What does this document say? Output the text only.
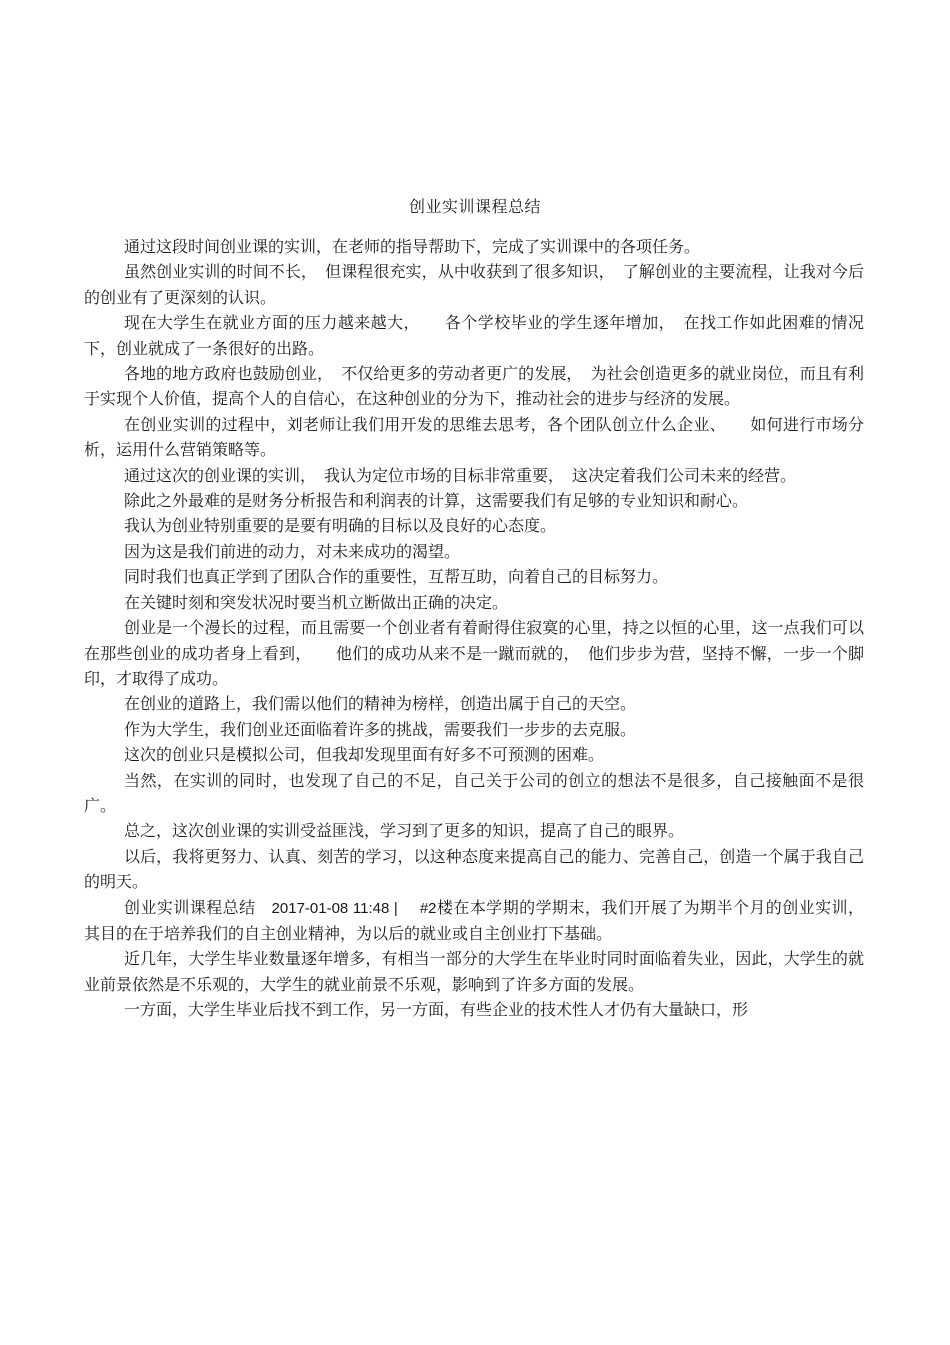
创业实训课程总结

通过这段时间创业课的实训，在老师的指导帮助下，完成了实训课中的各项任务。

虽然创业实训的时间不长，　但课程很充实，从中收获到了很多知识，　了解创业的主要流程，让我对今后的创业有了更深刻的认识。

现在大学生在就业方面的压力越来越大，　　各个学校毕业的学生逐年增加，　在找工作如此困难的情况下，创业就成了一条很好的出路。

各地的地方政府也鼓励创业，　不仅给更多的劳动者更广的发展，　为社会创造更多的就业岗位，而且有利于实现个人价值，提高个人的自信心，在这种创业的分为下，推动社会的进步与经济的发展。

在创业实训的过程中，刘老师让我们用开发的思维去思考，各个团队创立什么企业、　　如何进行市场分析，运用什么营销策略等。

通过这次的创业课的实训，　我认为定位市场的目标非常重要，　这决定着我们公司未来的经营。

除此之外最难的是财务分析报告和利润表的计算，这需要我们有足够的专业知识和耐心。

我认为创业特别重要的是要有明确的目标以及良好的心态度。

因为这是我们前进的动力，对未来成功的渴望。

同时我们也真正学到了团队合作的重要性，互帮互助，向着自己的目标努力。

在关键时刻和突发状况时要当机立断做出正确的决定。

创业是一个漫长的过程，而且需要一个创业者有着耐得住寂寞的心里，持之以恒的心里，这一点我们可以在那些创业的成功者身上看到，　　他们的成功从来不是一蹴而就的，　他们步步为营，坚持不懈，一步一个脚印，才取得了成功。

在创业的道路上，我们需以他们的精神为榜样，创造出属于自己的天空。

作为大学生，我们创业还面临着许多的挑战，需要我们一步步的去克服。

这次的创业只是模拟公司，但我却发现里面有好多不可预测的困难。

当然，在实训的同时，也发现了自己的不足，自己关于公司的创立的想法不是很多，自己接触面不是很广。

总之，这次创业课的实训受益匪浅，学习到了更多的知识，提高了自己的眼界。

以后，我将更努力、认真、刻苦的学习，以这种态度来提高自己的能力、完善自己，创造一个属于我自己的明天。

创业实训课程总结 2017-01-08 11:48 | #2楼在本学期的学期末，我们开展了为期半个月的创业实训，其目的在于培养我们的自主创业精神，为以后的就业或自主创业打下基础。

近几年，大学生毕业数量逐年增多，有相当一部分的大学生在毕业时同时面临着失业，因此，大学生的就业前景依然是不乐观的，大学生的就业前景不乐观，影响到了许多方面的发展。

一方面，大学生毕业后找不到工作，另一方面，有些企业的技术性人才仍有大量缺口，形
